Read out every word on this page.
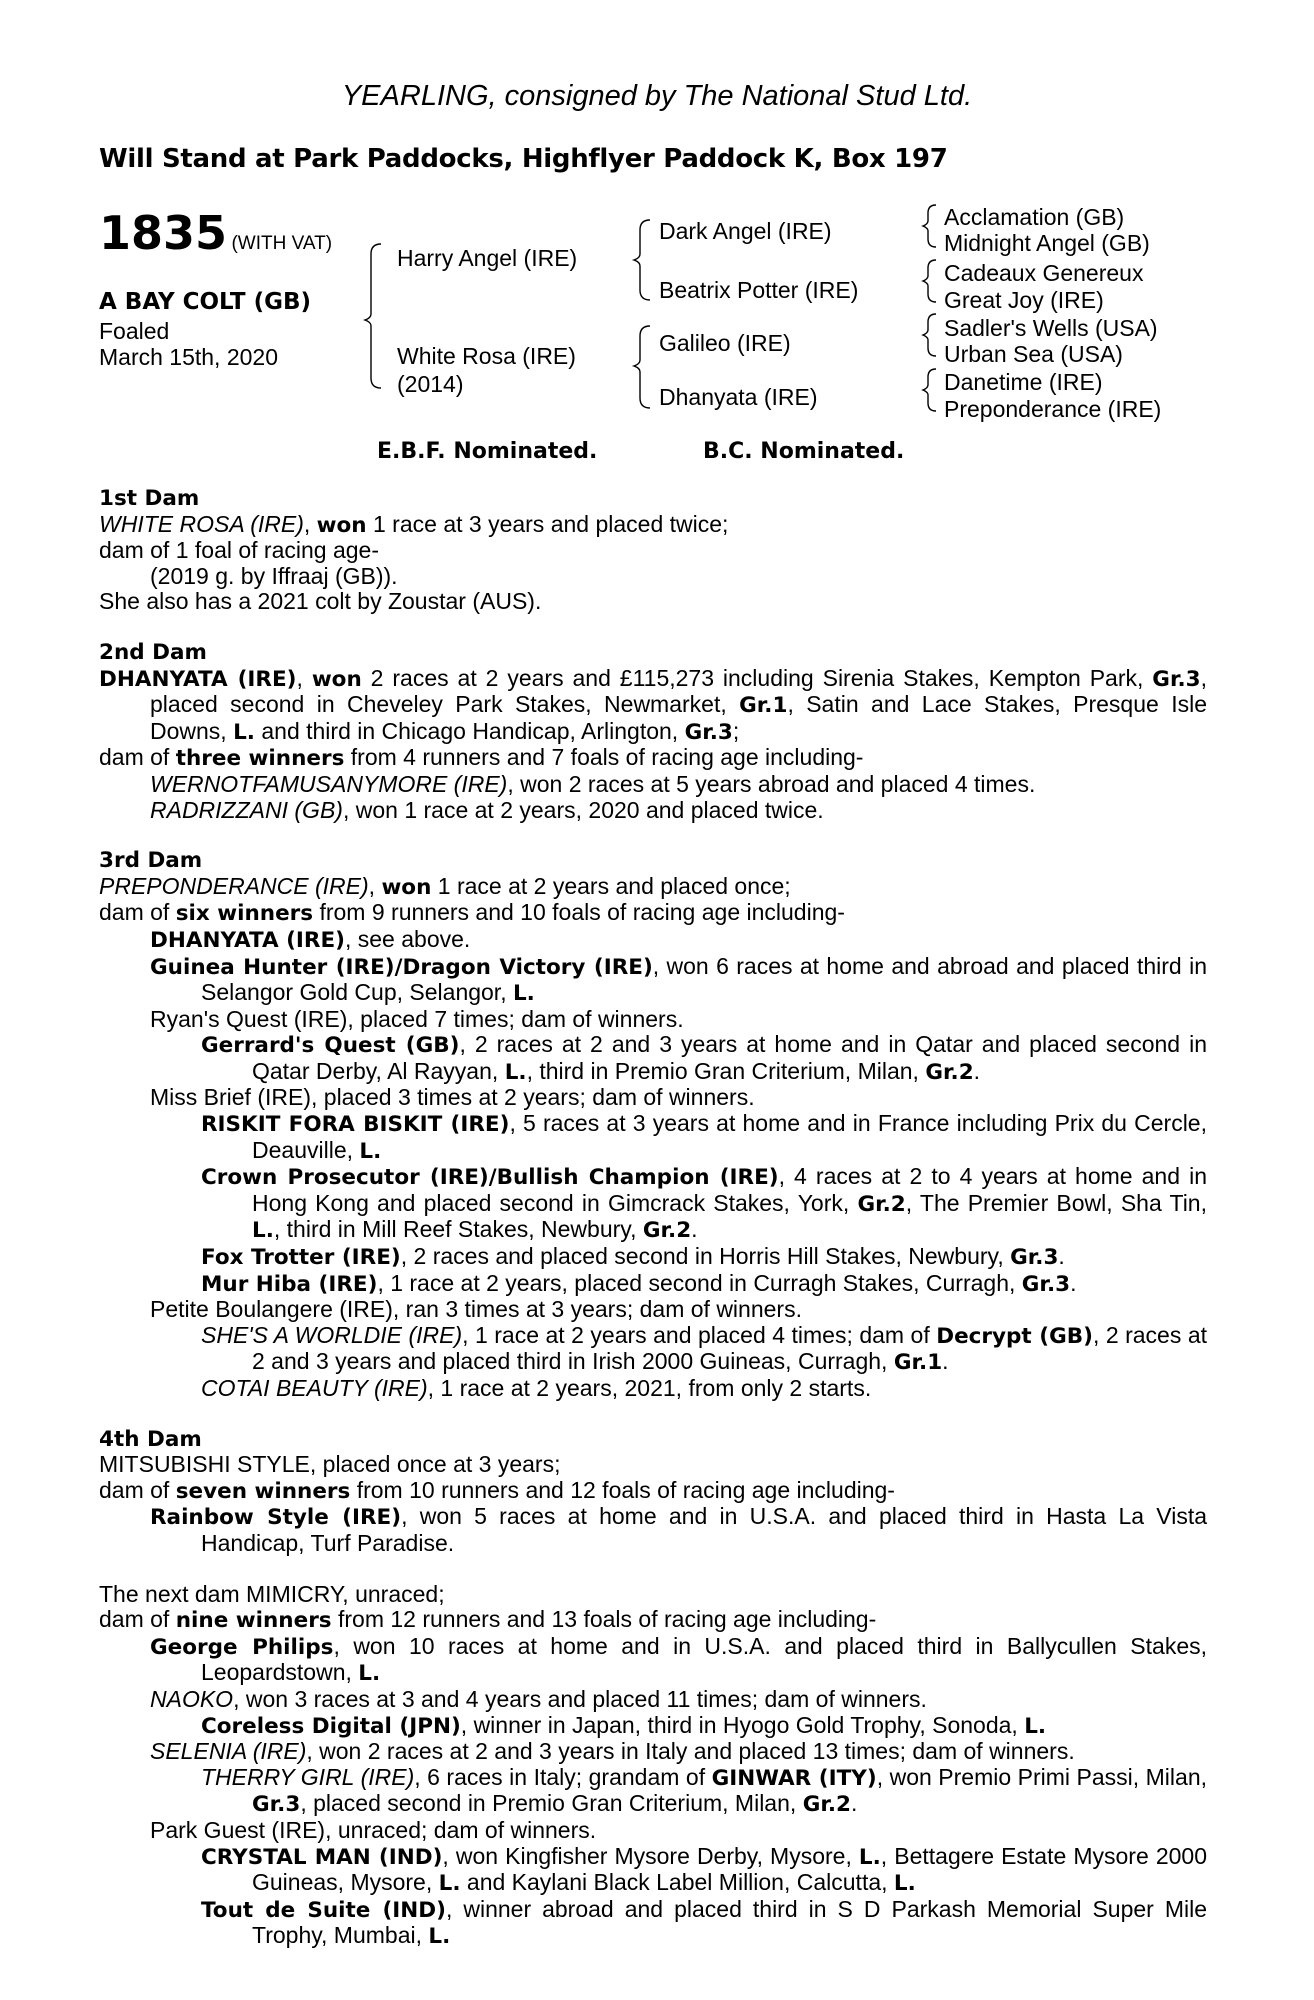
YEARLING, consigned by The National Stud Ltd.
Will Stand at Park Paddocks, Highflyer Paddock K, Box 197
1835 (WITH VAT)
A BAY COLT (GB)
Foaled
March 15th, 2020
Harry Angel (IRE)
White Rosa (IRE)
(2014)
Dark Angel (IRE)
Beatrix Potter (IRE)
Galileo (IRE)
Dhanyata (IRE)
Acclamation (GB)
Midnight Angel (GB)
Cadeaux Genereux
Great Joy (IRE)
Sadler's Wells (USA)
Urban Sea (USA)
Danetime (IRE)
Preponderance (IRE)
E.B.F. Nominated.	B.C. Nominated.
1st Dam

WHITE ROSA (IRE), won 1 race at 3 years and placed twice;

dam of 1 foal of racing age-

(2019 g. by Iffraaj (GB)).

She also has a 2021 colt by Zoustar (AUS).

2nd Dam

DHANYATA (IRE), won 2 races at 2 years and £115,273 including Sirenia Stakes, Kempton Park, Gr.3, placed second in Cheveley Park Stakes, Newmarket, Gr.1, Satin and Lace Stakes, Presque Isle Downs, L. and third in Chicago Handicap, Arlington, Gr.3;

dam of three winners from 4 runners and 7 foals of racing age including-

WERNOTFAMUSANYMORE (IRE), won 2 races at 5 years abroad and placed 4 times.

RADRIZZANI (GB), won 1 race at 2 years, 2020 and placed twice.

3rd Dam

PREPONDERANCE (IRE), won 1 race at 2 years and placed once;

dam of six winners from 9 runners and 10 foals of racing age including-

DHANYATA (IRE), see above.

Guinea Hunter (IRE)/Dragon Victory (IRE), won 6 races at home and abroad and placed third in Selangor Gold Cup, Selangor, L.

Ryan's Quest (IRE), placed 7 times; dam of winners.

Gerrard's Quest (GB), 2 races at 2 and 3 years at home and in Qatar and placed second in Qatar Derby, Al Rayyan, L., third in Premio Gran Criterium, Milan, Gr.2.

Miss Brief (IRE), placed 3 times at 2 years; dam of winners.

RISKIT FORA BISKIT (IRE), 5 races at 3 years at home and in France including Prix du Cercle, Deauville, L.

Crown Prosecutor (IRE)/Bullish Champion (IRE), 4 races at 2 to 4 years at home and in Hong Kong and placed second in Gimcrack Stakes, York, Gr.2, The Premier Bowl, Sha Tin, L., third in Mill Reef Stakes, Newbury, Gr.2.

Fox Trotter (IRE), 2 races and placed second in Horris Hill Stakes, Newbury, Gr.3.

Mur Hiba (IRE), 1 race at 2 years, placed second in Curragh Stakes, Curragh, Gr.3.

Petite Boulangere (IRE), ran 3 times at 3 years; dam of winners.

SHE'S A WORLDIE (IRE), 1 race at 2 years and placed 4 times; dam of Decrypt (GB), 2 races at 2 and 3 years and placed third in Irish 2000 Guineas, Curragh, Gr.1.

COTAI BEAUTY (IRE), 1 race at 2 years, 2021, from only 2 starts.

4th Dam

MITSUBISHI STYLE, placed once at 3 years;

dam of seven winners from 10 runners and 12 foals of racing age including-

Rainbow Style (IRE), won 5 races at home and in U.S.A. and placed third in Hasta La Vista Handicap, Turf Paradise.

The next dam MIMICRY, unraced;

dam of nine winners from 12 runners and 13 foals of racing age including-

George Philips, won 10 races at home and in U.S.A. and placed third in Ballycullen Stakes, Leopardstown, L.

NAOKO, won 3 races at 3 and 4 years and placed 11 times; dam of winners.

Coreless Digital (JPN), winner in Japan, third in Hyogo Gold Trophy, Sonoda, L.

SELENIA (IRE), won 2 races at 2 and 3 years in Italy and placed 13 times; dam of winners.

THERRY GIRL (IRE), 6 races in Italy; grandam of GINWAR (ITY), won Premio Primi Passi, Milan, Gr.3, placed second in Premio Gran Criterium, Milan, Gr.2.

Park Guest (IRE), unraced; dam of winners.

CRYSTAL MAN (IND), won Kingfisher Mysore Derby, Mysore, L., Bettagere Estate Mysore 2000 Guineas, Mysore, L. and Kaylani Black Label Million, Calcutta, L.

Tout de Suite (IND), winner abroad and placed third in S D Parkash Memorial Super Mile Trophy, Mumbai, L.
